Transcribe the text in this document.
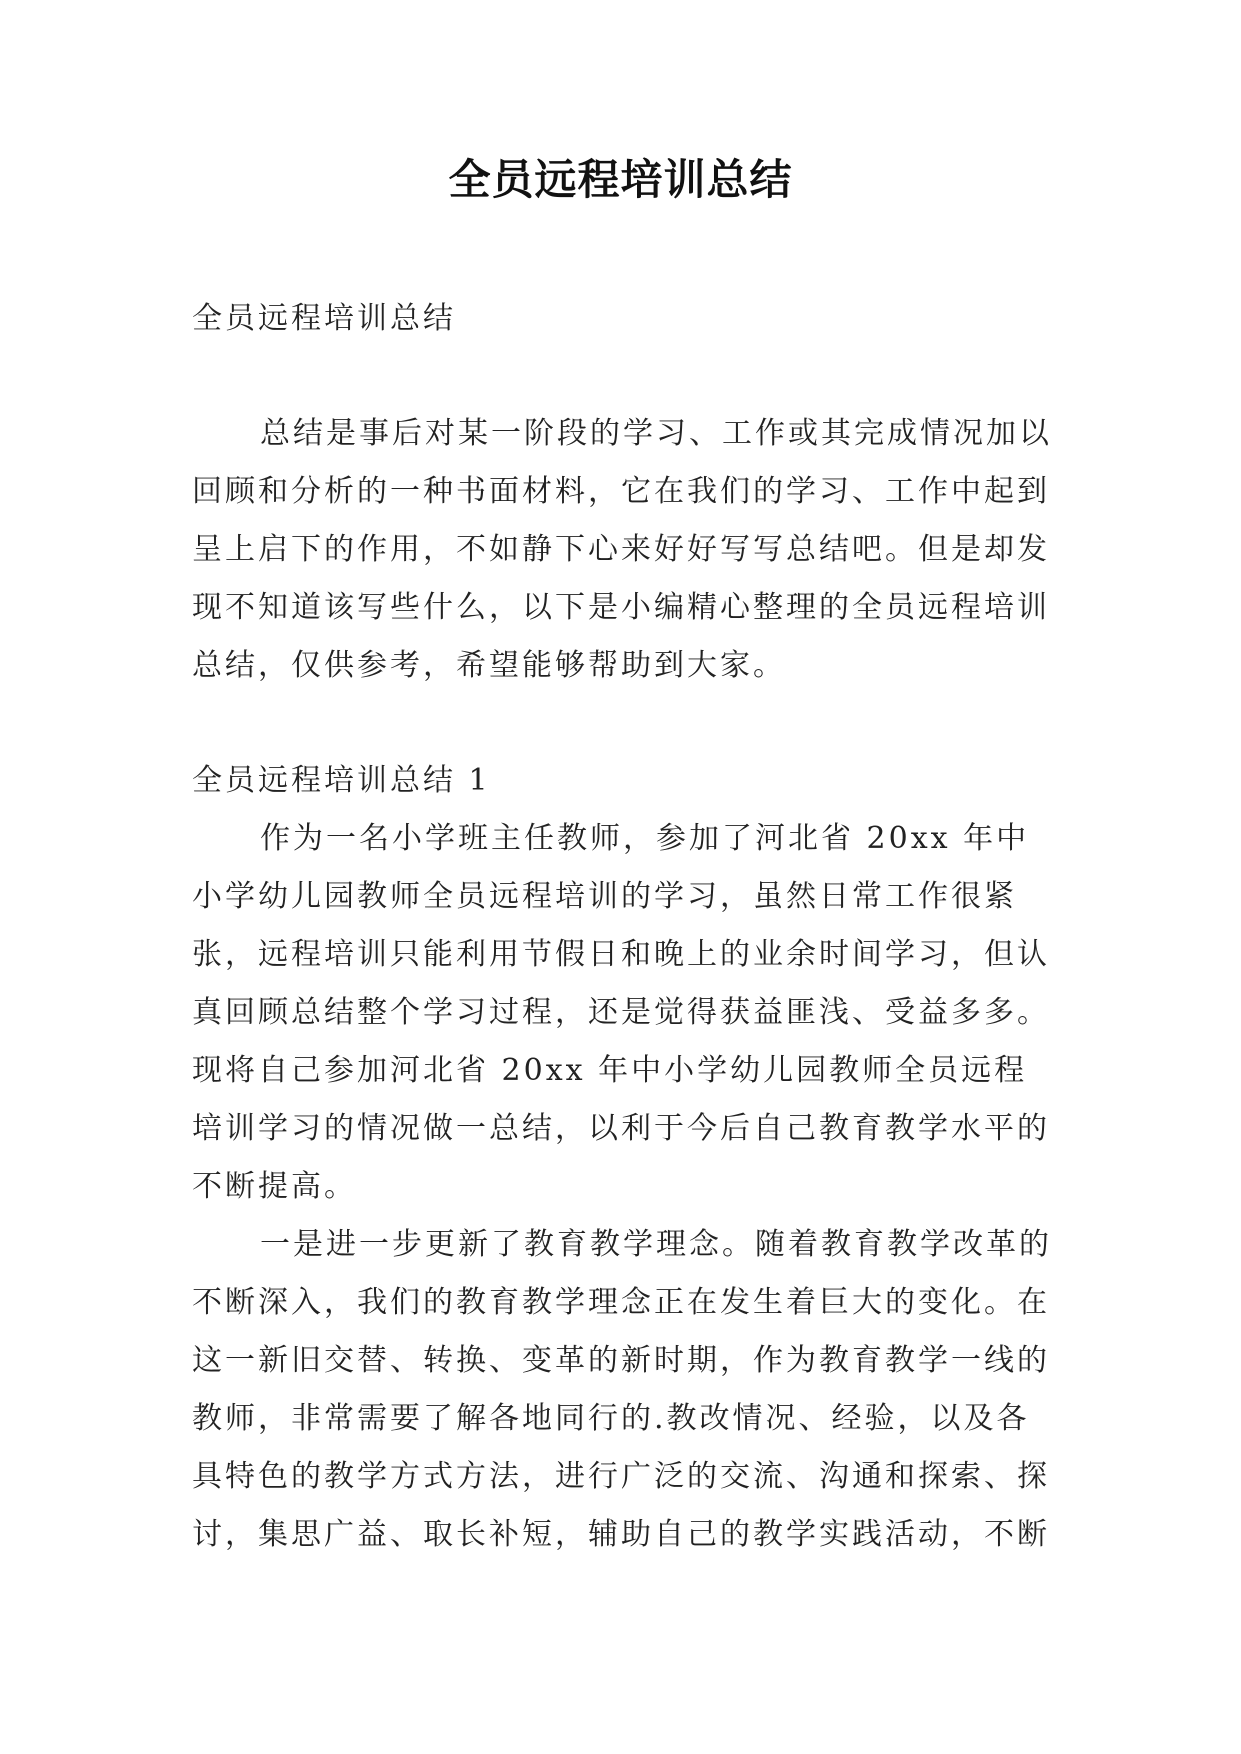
全员远程培训总结

全员远程培训总结

总结是事后对某一阶段的学习、工作或其完成情况加以回顾和分析的一种书面材料，它在我们的学习、工作中起到呈上启下的作用，不如静下心来好好写写总结吧。但是却发现不知道该写些什么，以下是小编精心整理的全员远程培训总结，仅供参考，希望能够帮助到大家。

全员远程培训总结 1

作为一名小学班主任教师，参加了河北省 20xx 年中小学幼儿园教师全员远程培训的学习，虽然日常工作很紧张，远程培训只能利用节假日和晚上的业余时间学习，但认真回顾总结整个学习过程，还是觉得获益匪浅、受益多多。现将自己参加河北省 20xx 年中小学幼儿园教师全员远程培训学习的情况做一总结，以利于今后自己教育教学水平的不断提高。

一是进一步更新了教育教学理念。随着教育教学改革的不断深入，我们的教育教学理念正在发生着巨大的变化。在这一新旧交替、转换、变革的新时期，作为教育教学一线的教师，非常需要了解各地同行的.教改情况、经验，以及各具特色的教学方式方法，进行广泛的交流、沟通和探索、探讨，集思广益、取长补短，辅助自己的教学实践活动，不断
